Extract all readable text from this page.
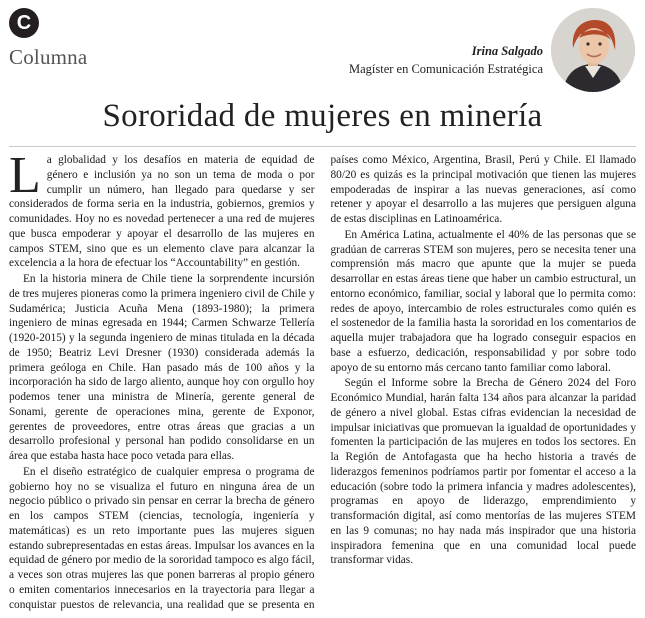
C
Columna	Irina Salgado
Magíster en Comunicación Estratégica
Sororidad de mujeres en minería

La globalidad y los desafíos en materia de equidad de género e inclusión ya no son un tema de moda o por cumplir un número, han llegado para quedarse y ser considerados de forma seria en la industria, gobiernos, gremios y comunidades. Hoy no es novedad pertenecer a una red de mujeres que busca empoderar y apoyar el desarrollo de las mujeres en campos STEM, sino que es un elemento clave para alcanzar la excelencia a la hora de efectuar los “Accountability” en gestión.

En la historia minera de Chile tiene la sorprendente incursión de tres mujeres pioneras como la primera ingeniero civil de Chile y Sudamérica; Justicia Acuña Mena (1893-1980); la primera ingeniero de minas egresada en 1944; Carmen Schwarze Tellería (1920-2015) y la segunda ingeniero de minas titulada en la década de 1950; Beatriz Levi Dresner (1930) considerada además la primera geóloga en Chile. Han pasado más de 100 años y la incorporación ha sido de largo aliento, aunque hoy con orgullo hoy podemos tener una ministra de Minería, gerente general de Sonami, gerente de operaciones mina, gerente de Exponor, gerentes de proveedores, entre otras áreas que gracias a un desarrollo profesional y personal han podido consolidarse en un área que estaba hasta hace poco vetada para ellas.

En el diseño estratégico de cualquier empresa o programa de gobierno hoy no se visualiza el futuro en ninguna área de un negocio público o privado sin pensar en cerrar la brecha de género en los campos STEM (ciencias, tecnología, ingeniería y matemáticas) es un reto importante pues las mujeres siguen estando subrepresentadas en estas áreas. Impulsar los avances en la equidad de género por medio de la sororidad tampoco es algo fácil, a veces son otras mujeres las que ponen barreras al propio género o emiten comentarios innecesarios en la trayectoria para llegar a conquistar puestos de relevancia, una realidad que se presenta en países como México, Argentina, Brasil, Perú y Chile. El llamado 80/20 es quizás es la principal motivación que tienen las mujeres empoderadas de inspirar a las nuevas generaciones, así como retener y apoyar el desarrollo a las mujeres que persiguen alguna de estas disciplinas en Latinoamérica.

En América Latina, actualmente el 40% de las personas que se gradúan de carreras STEM son mujeres, pero se necesita tener una comprensión más macro que apunte que la mujer se pueda desarrollar en estas áreas tiene que haber un cambio estructural, un entorno económico, familiar, social y laboral que lo permita como: redes de apoyo, intercambio de roles estructurales como quién es el sostenedor de la familia hasta la sororidad en los comentarios de aquella mujer trabajadora que ha logrado conseguir espacios en base a esfuerzo, dedicación, responsabilidad y por sobre todo apoyo de su entorno más cercano tanto familiar como laboral.

Según el Informe sobre la Brecha de Género 2024 del Foro Económico Mundial, harán falta 134 años para alcanzar la paridad de género a nivel global. Estas cifras evidencian la necesidad de impulsar iniciativas que promuevan la igualdad de oportunidades y fomenten la participación de las mujeres en todos los sectores. En la Región de Antofagasta que ha hecho historia a través de liderazgos femeninos podríamos partir por fomentar el acceso a la educación (sobre todo la primera infancia y madres adolescentes), programas en apoyo de liderazgo, emprendimiento y transformación digital, así como mentorías de las mujeres STEM en las 9 comunas; no hay nada más inspirador que una historia inspiradora femenina que en una comunidad local puede transformar vidas.
